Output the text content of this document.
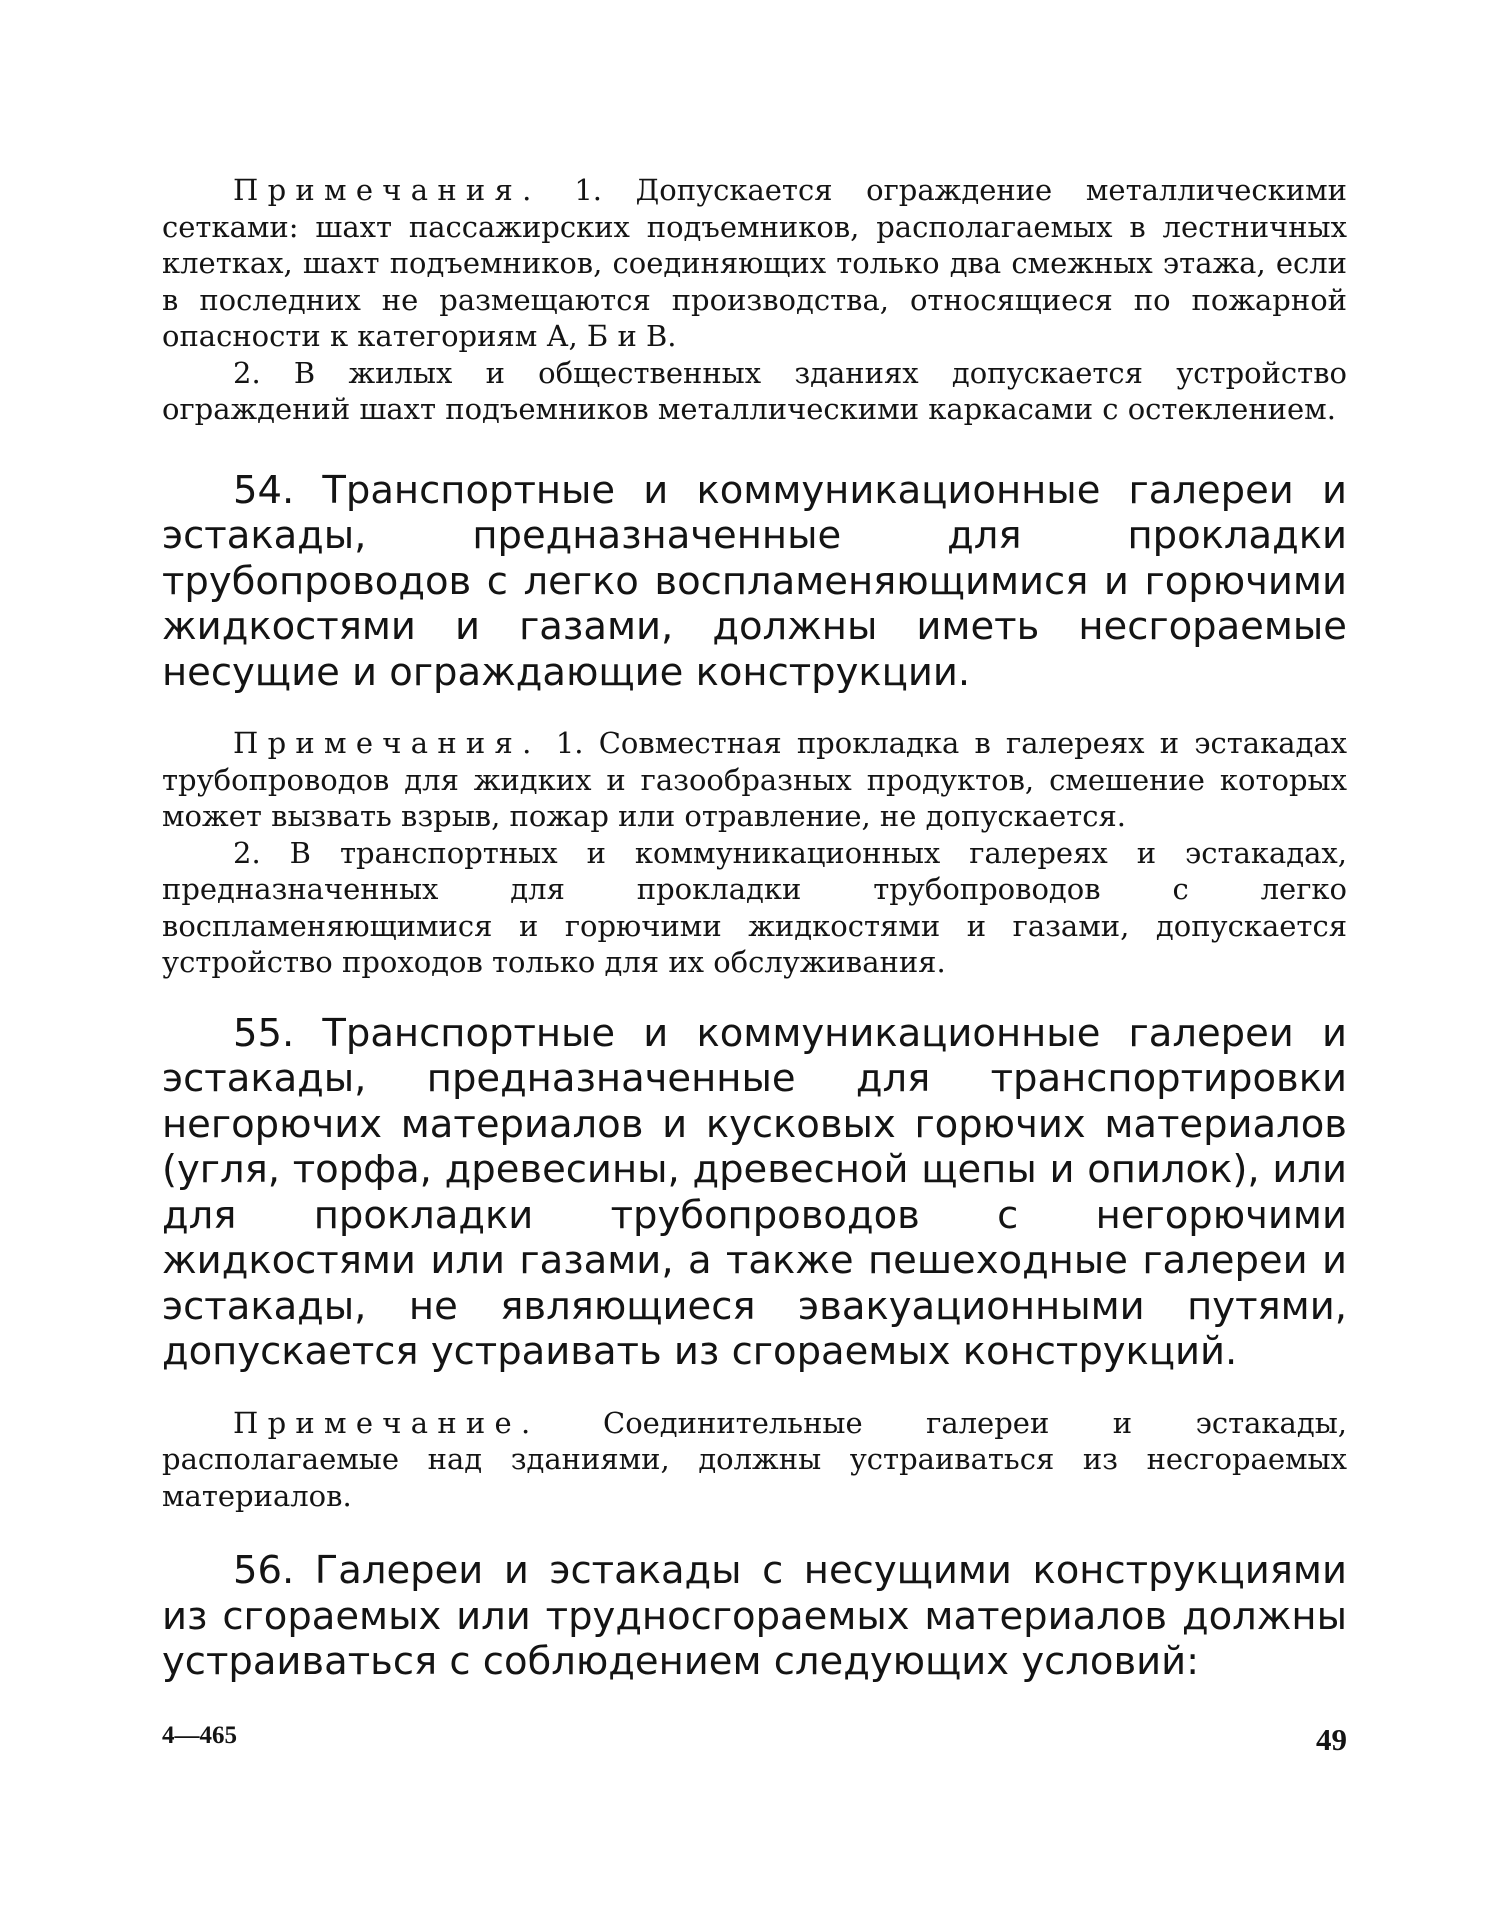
Примечания. 1. Допускается ограждение металлическими сетками: шахт пассажирских подъемников, располагаемых в лестничных клетках, шахт подъемников, соединяющих только два смежных этажа, если в последних не размещаются производства, относящиеся по пожарной опасности к категориям А, Б и В.

2. В жилых и общественных зданиях допускается устройство ограждений шахт подъемников металлическими каркасами с остеклением.

54. Транспортные и коммуникационные галереи и эстакады, предназначенные для прокладки трубопроводов с легко воспламеняющимися и горючими жидкостями и газами, должны иметь несгораемые несущие и ограждающие конструкции.

Примечания. 1. Совместная прокладка в галереях и эстакадах трубопроводов для жидких и газообразных продуктов, смешение которых может вызвать взрыв, пожар или отравление, не допускается.

2. В транспортных и коммуникационных галереях и эстакадах, предназначенных для прокладки трубопроводов с легко воспламеняющимися и горючими жидкостями и газами, допускается устройство проходов только для их обслуживания.

55. Транспортные и коммуникационные галереи и эстакады, предназначенные для транспортировки негорючих материалов и кусковых горючих материалов (угля, торфа, древесины, древесной щепы и опилок), или для прокладки трубопроводов с негорючими жидкостями или газами, а также пешеходные галереи и эстакады, не являющиеся эвакуационными путями, допускается устраивать из сгораемых конструкций.

Примечание. Соединительные галереи и эстакады, располагаемые над зданиями, должны устраиваться из несгораемых материалов.

56. Галереи и эстакады с несущими конструкциями из сгораемых или трудносгораемых материалов должны устраиваться с соблюдением следующих условий:

4—465	49
